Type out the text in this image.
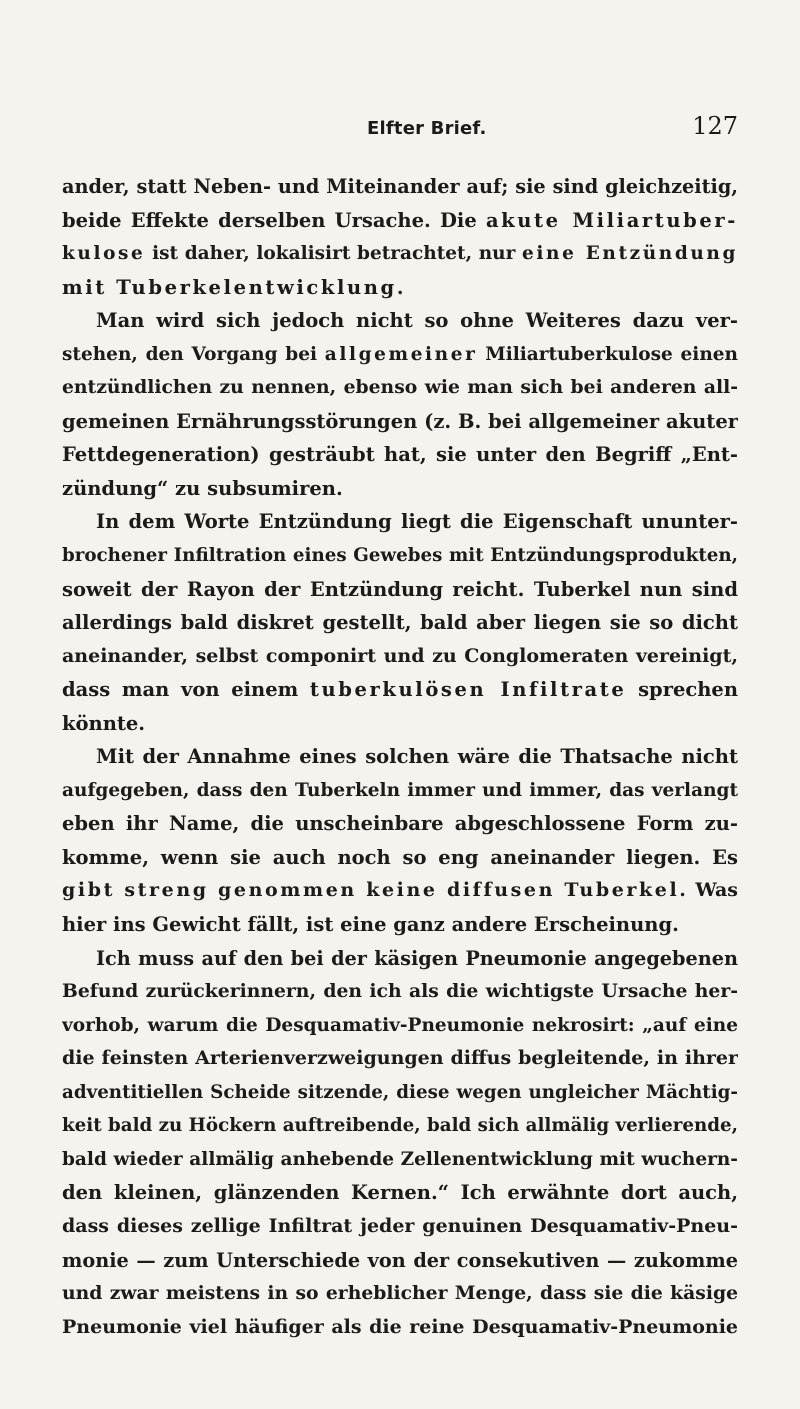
Elfter Brief.	127
ander, statt Neben- und Miteinander auf; sie sind gleichzeitig,
beide Effekte derselben Ursache. Die akute Miliartuber-
kulose ist daher, lokalisirt betrachtet, nur eine Entzündung
mit Tuberkelentwicklung.
Man wird sich jedoch nicht so ohne Weiteres dazu ver-
stehen, den Vorgang bei allgemeiner Miliartuberkulose einen
entzündlichen zu nennen, ebenso wie man sich bei anderen all-
gemeinen Ernährungsstörungen (z. B. bei allgemeiner akuter
Fettdegeneration) gesträubt hat, sie unter den Begriff „Ent-
zündung“ zu subsumiren.
In dem Worte Entzündung liegt die Eigenschaft ununter-
brochener Infiltration eines Gewebes mit Entzündungsprodukten,
soweit der Rayon der Entzündung reicht. Tuberkel nun sind
allerdings bald diskret gestellt, bald aber liegen sie so dicht
aneinander, selbst componirt und zu Conglomeraten vereinigt,
dass man von einem tuberkulösen Infiltrate sprechen
könnte.
Mit der Annahme eines solchen wäre die Thatsache nicht
aufgegeben, dass den Tuberkeln immer und immer, das verlangt
eben ihr Name, die unscheinbare abgeschlossene Form zu-
komme, wenn sie auch noch so eng aneinander liegen. Es
gibt streng genommen keine diffusen Tuberkel. Was
hier ins Gewicht fällt, ist eine ganz andere Erscheinung.
Ich muss auf den bei der käsigen Pneumonie angegebenen
Befund zurückerinnern, den ich als die wichtigste Ursache her-
vorhob, warum die Desquamativ-Pneumonie nekrosirt: „auf eine
die feinsten Arterienverzweigungen diffus begleitende, in ihrer
adventitiellen Scheide sitzende, diese wegen ungleicher Mächtig-
keit bald zu Höckern auftreibende, bald sich allmälig verlierende,
bald wieder allmälig anhebende Zellenentwicklung mit wuchern-
den kleinen, glänzenden Kernen.“ Ich erwähnte dort auch,
dass dieses zellige Infiltrat jeder genuinen Desquamativ-Pneu-
monie — zum Unterschiede von der consekutiven — zukomme
und zwar meistens in so erheblicher Menge, dass sie die käsige
Pneumonie viel häufiger als die reine Desquamativ-Pneumonie
